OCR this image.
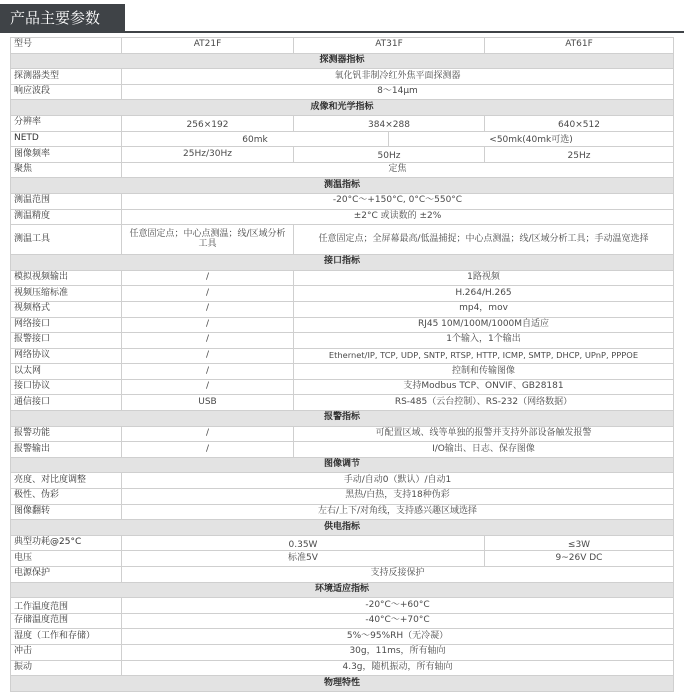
产品主要参数
型号	AT21F	AT31F		AT61F
探测器指标				
探测器类型	氧化钒非制冷红外焦平面探测器			
响应波段	8～14μm			
成像和光学指标				
分辨率	256×192	384×288		640×512
NETD	60mk		<50mk(40mk可选)	
图像频率	25Hz/30Hz	50Hz		25Hz
聚焦	定焦			
测温指标				
测温范围	-20°C～+150°C, 0°C～550°C			
测温精度	±2°C 或读数的 ±2%			
测温工具	任意固定点；中心点测温；线/区域分析工具	任意固定点；全屏幕最高/低温捕捉；中心点测温；线/区域分析工具；手动温宽选择		
接口指标				
模拟视频输出	/	1路视频		
视频压缩标准	/	H.264/H.265		
视频格式	/	mp4，mov		
网络接口	/	RJ45 10M/100M/1000M自适应		
报警接口	/	1个输入，1个输出		
网络协议	/	Ethernet/IP, TCP, UDP, SNTP, RTSP, HTTP, ICMP, SMTP, DHCP, UPnP, PPPOE		
以太网	/	控制和传输图像		
接口协议	/	支持Modbus TCP、ONVIF、GB28181		
通信接口	USB	RS-485（云台控制）、RS-232（网络数据）		
报警指标				
报警功能	/	可配置区域、线等单独的报警并支持外部设备触发报警		
报警输出	/	I/O输出、日志、保存图像		
图像调节				
亮度、对比度调整	手动/自动0（默认）/自动1			
极性、伪彩	黑热/白热，支持18种伪彩			
图像翻转	左右/上下/对角线，支持感兴趣区域选择			
供电指标				
典型功耗@25°C	0.35W			≤3W
电压	标准5V			9~26V DC
电源保护	支持反接保护			
环境适应指标				
工作温度范围	-20°C～+60°C			
存储温度范围	-40°C～+70°C			
湿度（工作和存储）	5%～95%RH（无冷凝）			
冲击	30g，11ms，所有轴向			
振动	4.3g，随机振动，所有轴向			
物理特性				
